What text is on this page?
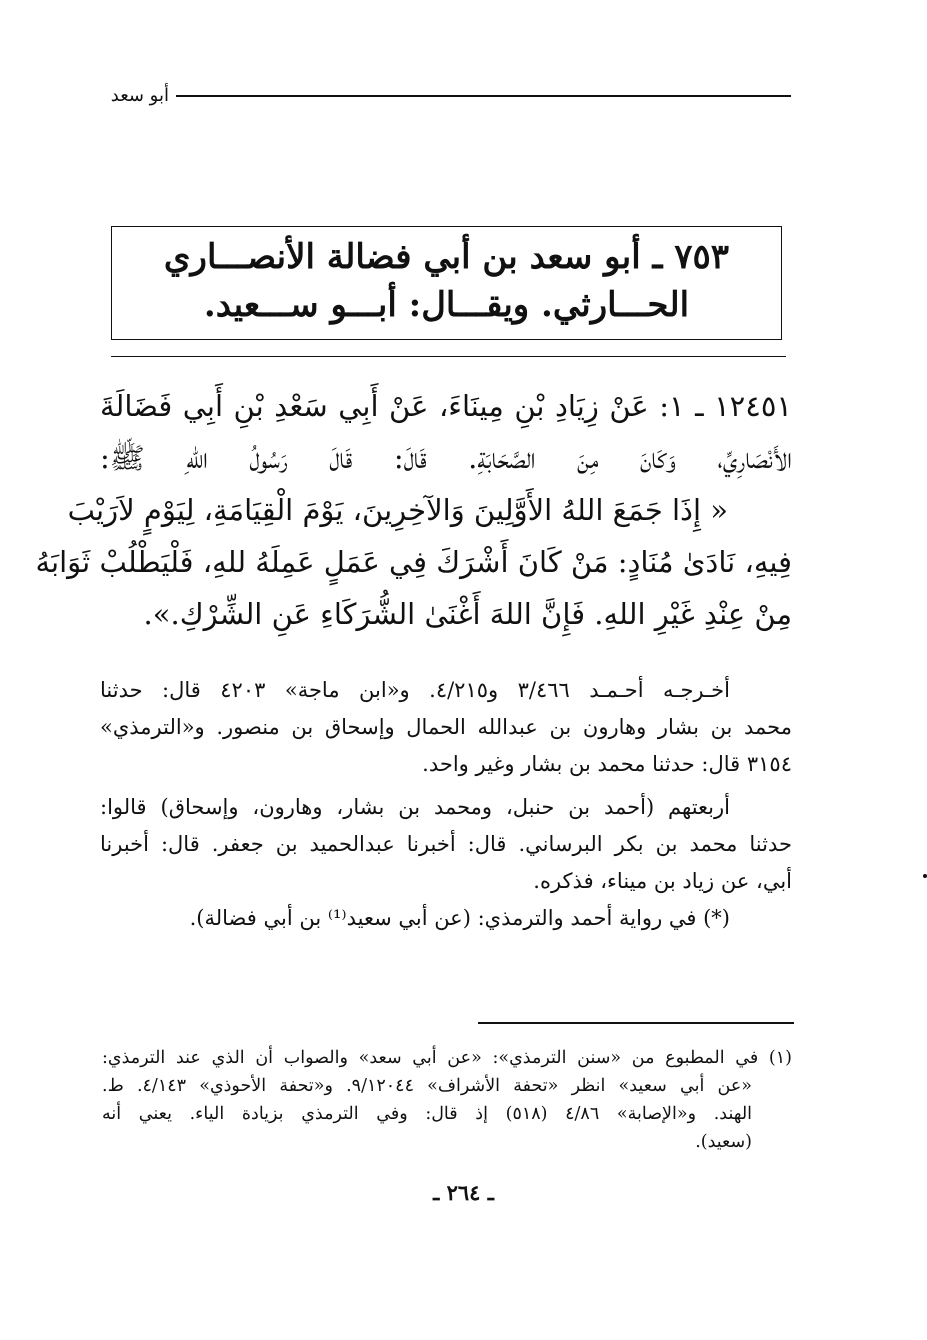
أبو سعد
٧٥٣ ـ أبو سعد بن أبي فضالة الأنصـــاري
الحـــارثي. ويقـــال: أبـــو ســـعيد.
١٢٤٥١ ـ ١: عَنْ زِيَادِ بْنِ مِينَاءَ، عَنْ أَبِي سَعْدِ بْنِ أَبِي فَضَالَةَ
الأَنْصَارِيِّ، وَكَانَ مِنَ الصَّحَابَةِ. قَالَ: قَالَ رَسُولُ اللهِ ﷺ:
« إِذَا جَمَعَ اللهُ الأَوَّلِينَ وَالآخِرِينَ، يَوْمَ الْقِيَامَةِ، لِيَوْمٍ لاَرَيْبَ
فِيهِ، نَادَىٰ مُنَادٍ: مَنْ كَانَ أَشْرَكَ فِي عَمَلٍ عَمِلَهُ للهِ، فَلْيَطْلُبْ ثَوَابَهُ
مِنْ عِنْدِ غَيْرِ اللهِ. فَإِنَّ اللهَ أَغْنَىٰ الشُّرَكَاءِ عَنِ الشِّرْكِ.».
أخـرجـه أحـمـد ٣/٤٦٦ و٤/٢١٥. و«ابن ماجة» ٤٢٠٣ قال: حدثنا
محمد بن بشار وهارون بن عبدالله الحمال وإسحاق بن منصور. و«الترمذي»
٣١٥٤ قال: حدثنا محمد بن بشار وغير واحد.
أربعتهم (أحمد بن حنبل، ومحمد بن بشار، وهارون، وإسحاق) قالوا:
حدثنا محمد بن بكر البرساني. قال: أخبرنا عبدالحميد بن جعفر. قال: أخبرنا
أبي، عن زياد بن ميناء، فذكره.
(*) في رواية أحمد والترمذي: (عن أبي سعيد⁽¹⁾ بن أبي فضالة).
(١) في المطبوع من «سنن الترمذي»: «عن أبي سعد» والصواب أن الذي عند الترمذي:
«عن أبي سعيد» انظر «تحفة الأشراف» ٩/١٢٠٤٤. و«تحفة الأحوذي» ٤/١٤٣. ط.
الهند. و«الإصابة» ٤/٨٦ (٥١٨) إذ قال: وفي الترمذي بزيادة الياء. يعني أنه
(سعيد).
ـ ٢٦٤ ـ
